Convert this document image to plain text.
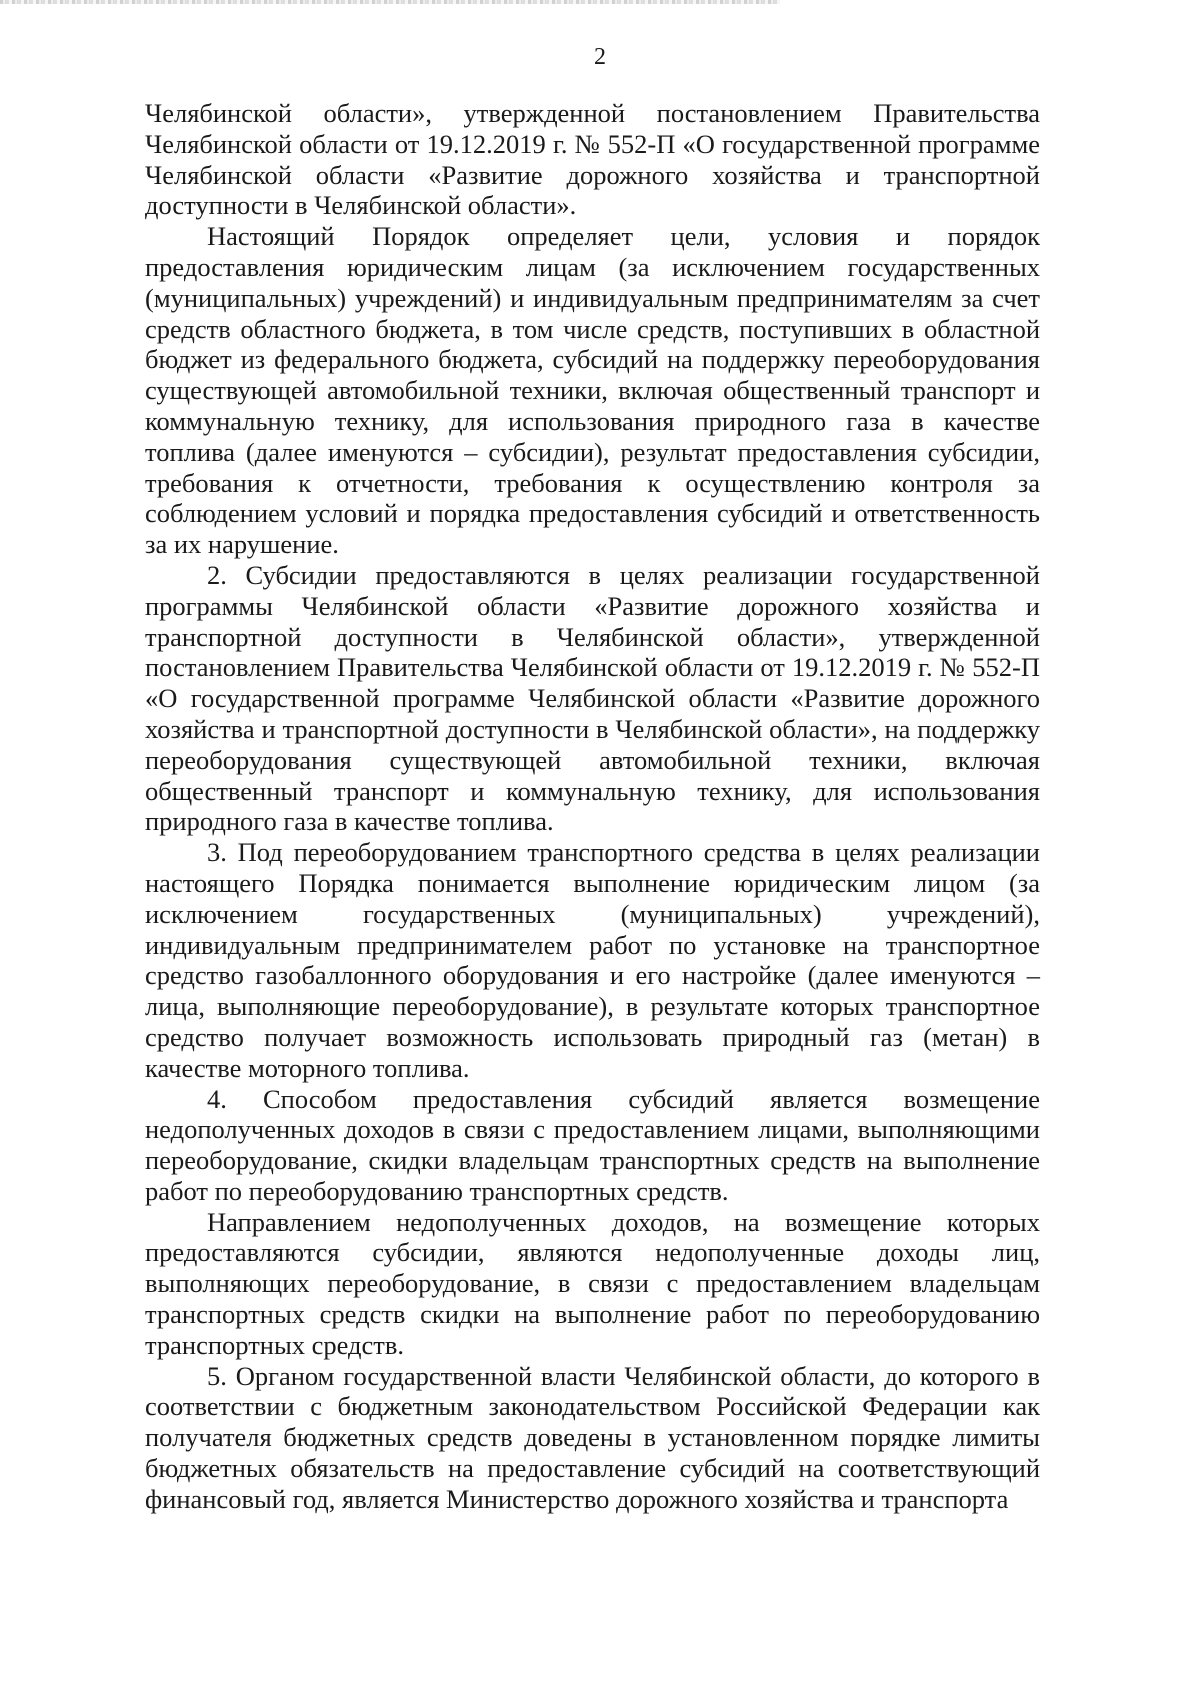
2

Челябинской области», утвержденной постановлением Правительства Челябинской области от 19.12.2019 г. № 552-П «О государственной программе Челябинской области «Развитие дорожного хозяйства и транспортной доступности в Челябинской области».

Настоящий Порядок определяет цели, условия и порядок предоставления юридическим лицам (за исключением государственных (муниципальных) учреждений) и индивидуальным предпринимателям за счет средств областного бюджета, в том числе средств, поступивших в областной бюджет из федерального бюджета, субсидий на поддержку переоборудования существующей автомобильной техники, включая общественный транспорт и коммунальную технику, для использования природного газа в качестве топлива (далее именуются – субсидии), результат предоставления субсидии, требования к отчетности, требования к осуществлению контроля за соблюдением условий и порядка предоставления субсидий и ответственность за их нарушение.

2. Субсидии предоставляются в целях реализации государственной программы Челябинской области «Развитие дорожного хозяйства и транспортной доступности в Челябинской области», утвержденной постановлением Правительства Челябинской области от 19.12.2019 г. № 552-П «О государственной программе Челябинской области «Развитие дорожного хозяйства и транспортной доступности в Челябинской области», на поддержку переоборудования существующей автомобильной техники, включая общественный транспорт и коммунальную технику, для использования природного газа в качестве топлива.

3. Под переоборудованием транспортного средства в целях реализации настоящего Порядка понимается выполнение юридическим лицом (за исключением государственных (муниципальных) учреждений), индивидуальным предпринимателем работ по установке на транспортное средство газобаллонного оборудования и его настройке (далее именуются – лица, выполняющие переоборудование), в результате которых транспортное средство получает возможность использовать природный газ (метан) в качестве моторного топлива.

4. Способом предоставления субсидий является возмещение недополученных доходов в связи с предоставлением лицами, выполняющими переоборудование, скидки владельцам транспортных средств на выполнение работ по переоборудованию транспортных средств.

Направлением недополученных доходов, на возмещение которых предоставляются субсидии, являются недополученные доходы лиц, выполняющих переоборудование, в связи с предоставлением владельцам транспортных средств скидки на выполнение работ по переоборудованию транспортных средств.

5. Органом государственной власти Челябинской области, до которого в соответствии с бюджетным законодательством Российской Федерации как получателя бюджетных средств доведены в установленном порядке лимиты бюджетных обязательств на предоставление субсидий на соответствующий финансовый год, является Министерство дорожного хозяйства и транспорта
